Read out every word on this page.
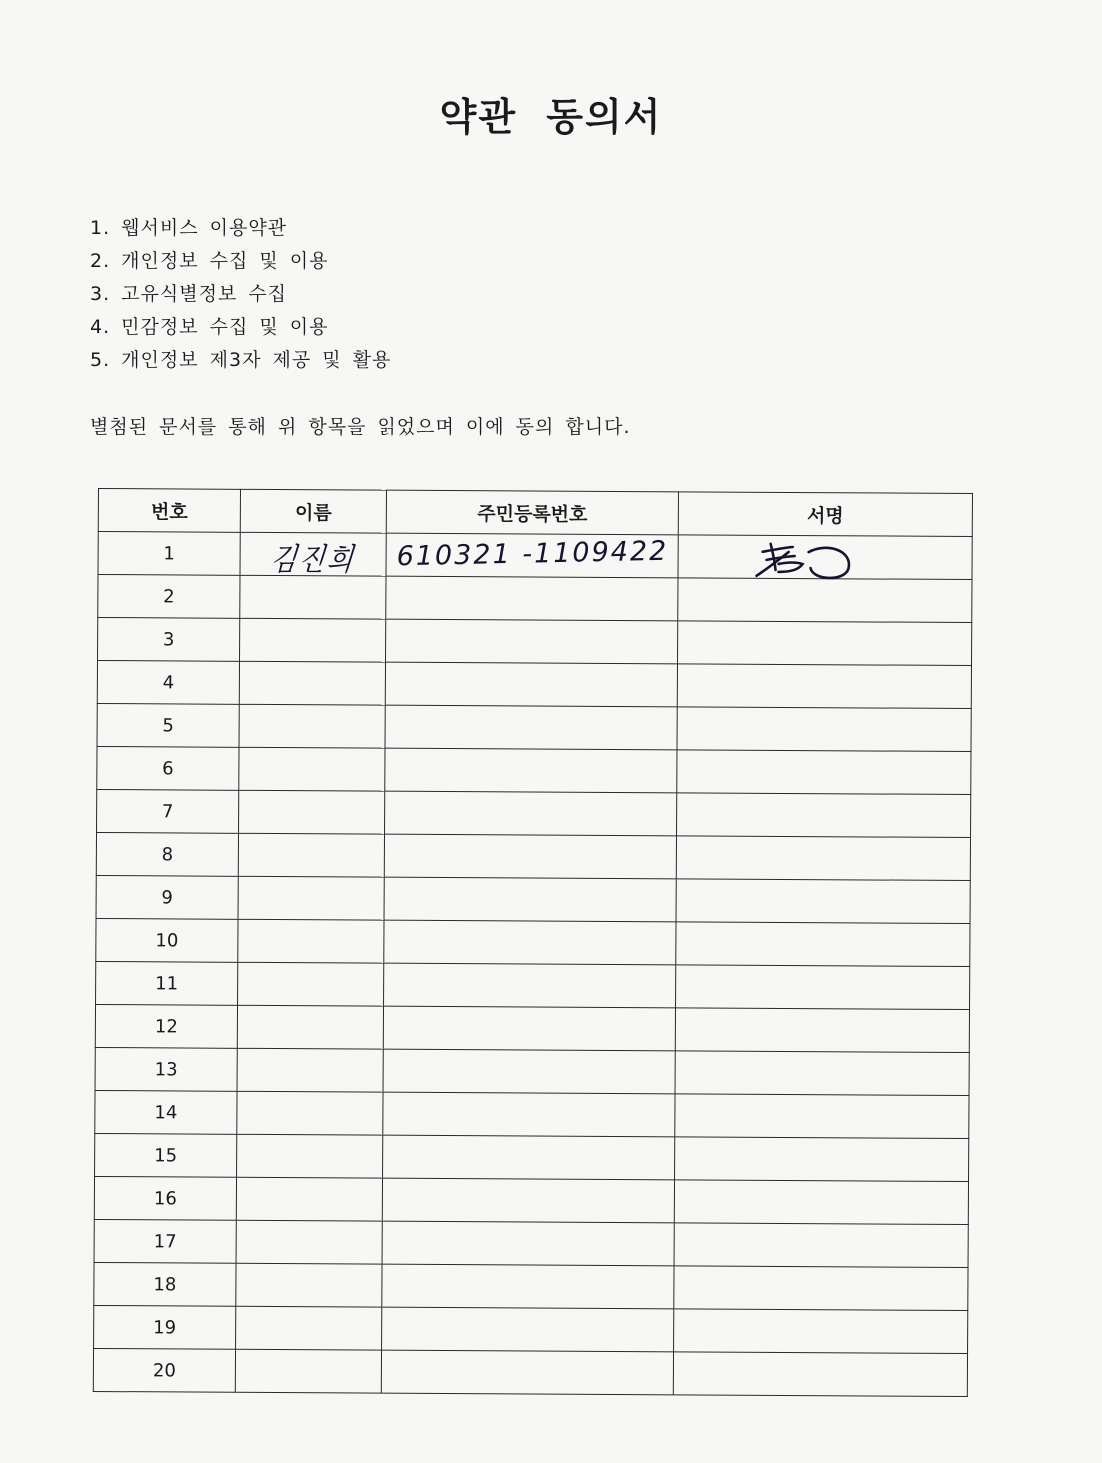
약관 동의서
1. 웹서비스 이용약관
2. 개인정보 수집 및 이용
3. 고유식별정보 수집
4. 민감정보 수집 및 이용
5. 개인정보 제3자 제공 및 활용
별첨된 문서를 통해 위 항목을 읽었으며 이에 동의 합니다.
번호	이름	주민등록번호	서명
1	김진희	610321 -1109422

2			
3			
4			
5			
6			
7			
8			
9			
10			
11			
12			
13			
14			
15			
16			
17			
18			
19			
20			
